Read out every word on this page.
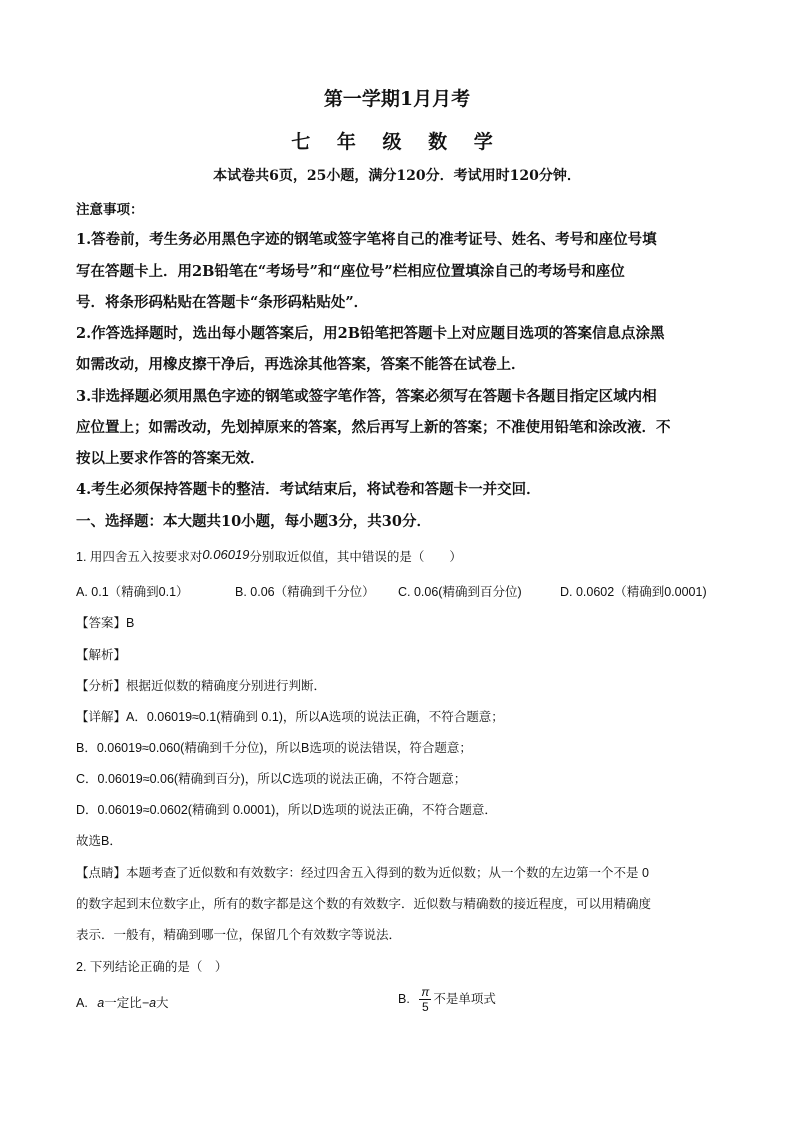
第一学期1月月考
七 年 级 数 学
本试卷共6页，25小题，满分120分．考试用时120分钟．
注意事项：
1.答卷前，考生务必用黑色字迹的钢笔或签字笔将自己的准考证号、姓名、考号和座位号填
写在答题卡上．用2B铅笔在“考场号”和“座位号”栏相应位置填涂自己的考场号和座位
号．将条形码粘贴在答题卡“条形码粘贴处”．
2.作答选择题时，选出每小题答案后，用2B铅笔把答题卡上对应题目选项的答案信息点涂黑
如需改动，用橡皮擦干净后，再选涂其他答案，答案不能答在试卷上．
3.非选择题必须用黑色字迹的钢笔或签字笔作答，答案必须写在答题卡各题目指定区域内相
应位置上；如需改动，先划掉原来的答案，然后再写上新的答案；不准使用铅笔和涂改液．不
按以上要求作答的答案无效．
4.考生必须保持答题卡的整洁．考试结束后，将试卷和答题卡一并交回．
一、选择题：本大题共10小题，每小题3分，共30分．
1. 用四舍五入按要求对0.06019分别取近似值，其中错误的是（　　）
A. 0.1（精确到0.1）	B. 0.06（精确到千分位） C. 0.06(精确到百分位)	D. 0.0602（精确到0.0001)
【答案】B
【解析】
【分析】根据近似数的精确度分别进行判断．
【详解】A．0.06019≈0.1(精确到 0.1)，所以A选项的说法正确，不符合题意；
B．0.06019≈0.060(精确到千分位)，所以B选项的说法错误，符合题意；
C．0.06019≈0.06(精确到百分)，所以C选项的说法正确，不符合题意；
D．0.06019≈0.0602(精确到 0.0001)，所以D选项的说法正确，不符合题意．
故选B．
【点睛】本题考查了近似数和有效数字：经过四舍五入得到的数为近似数；从一个数的左边第一个不是 0
的数字起到末位数字止，所有的数字都是这个数的有效数字．近似数与精确数的接近程度，可以用精确度
表示．一般有，精确到哪一位，保留几个有效数字等说法．
2. 下列结论正确的是（　）
A. a一定比−a大	B. $\frac{\pi}{5}$ 不是单项式
